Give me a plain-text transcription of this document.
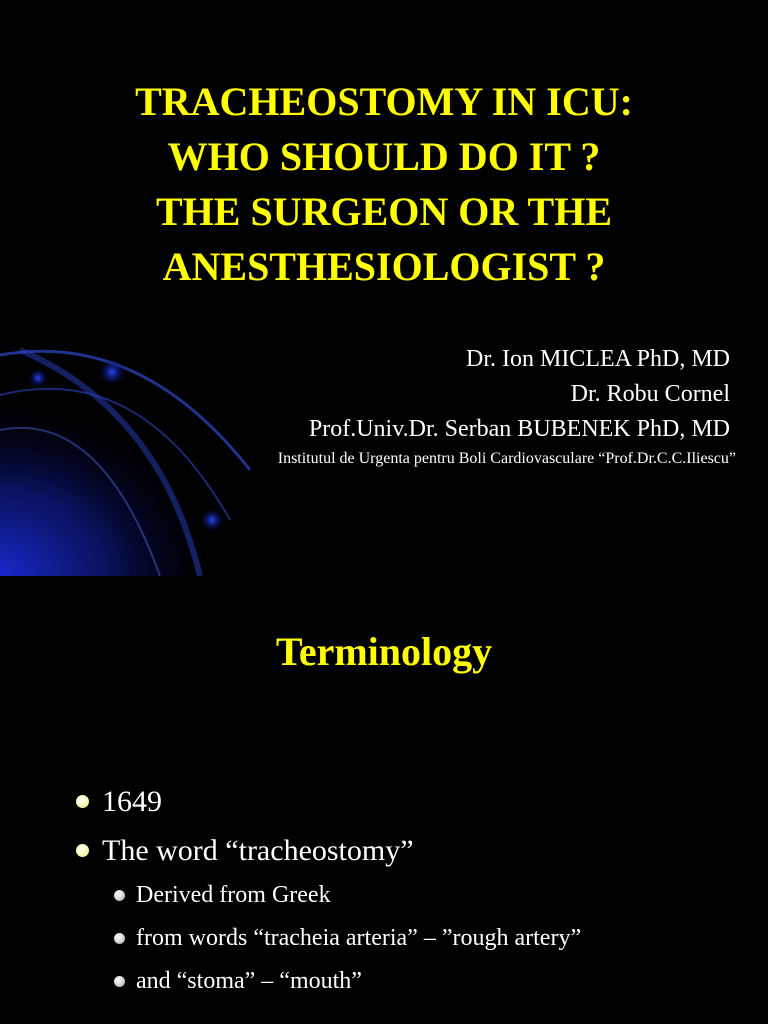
TRACHEOSTOMY IN ICU:
WHO SHOULD DO IT ?
THE SURGEON OR THE
ANESTHESIOLOGIST ?
Dr. Ion MICLEA PhD, MD
Dr. Robu Cornel
Prof.Univ.Dr. Serban BUBENEK PhD, MD
Institutul de Urgenta pentru Boli Cardiovasculare “Prof.Dr.C.C.Iliescu”
Terminology
1649
The word “tracheostomy”
Derived from Greek
from words “tracheia arteria” – ”rough artery”
and “stoma” – “mouth”
